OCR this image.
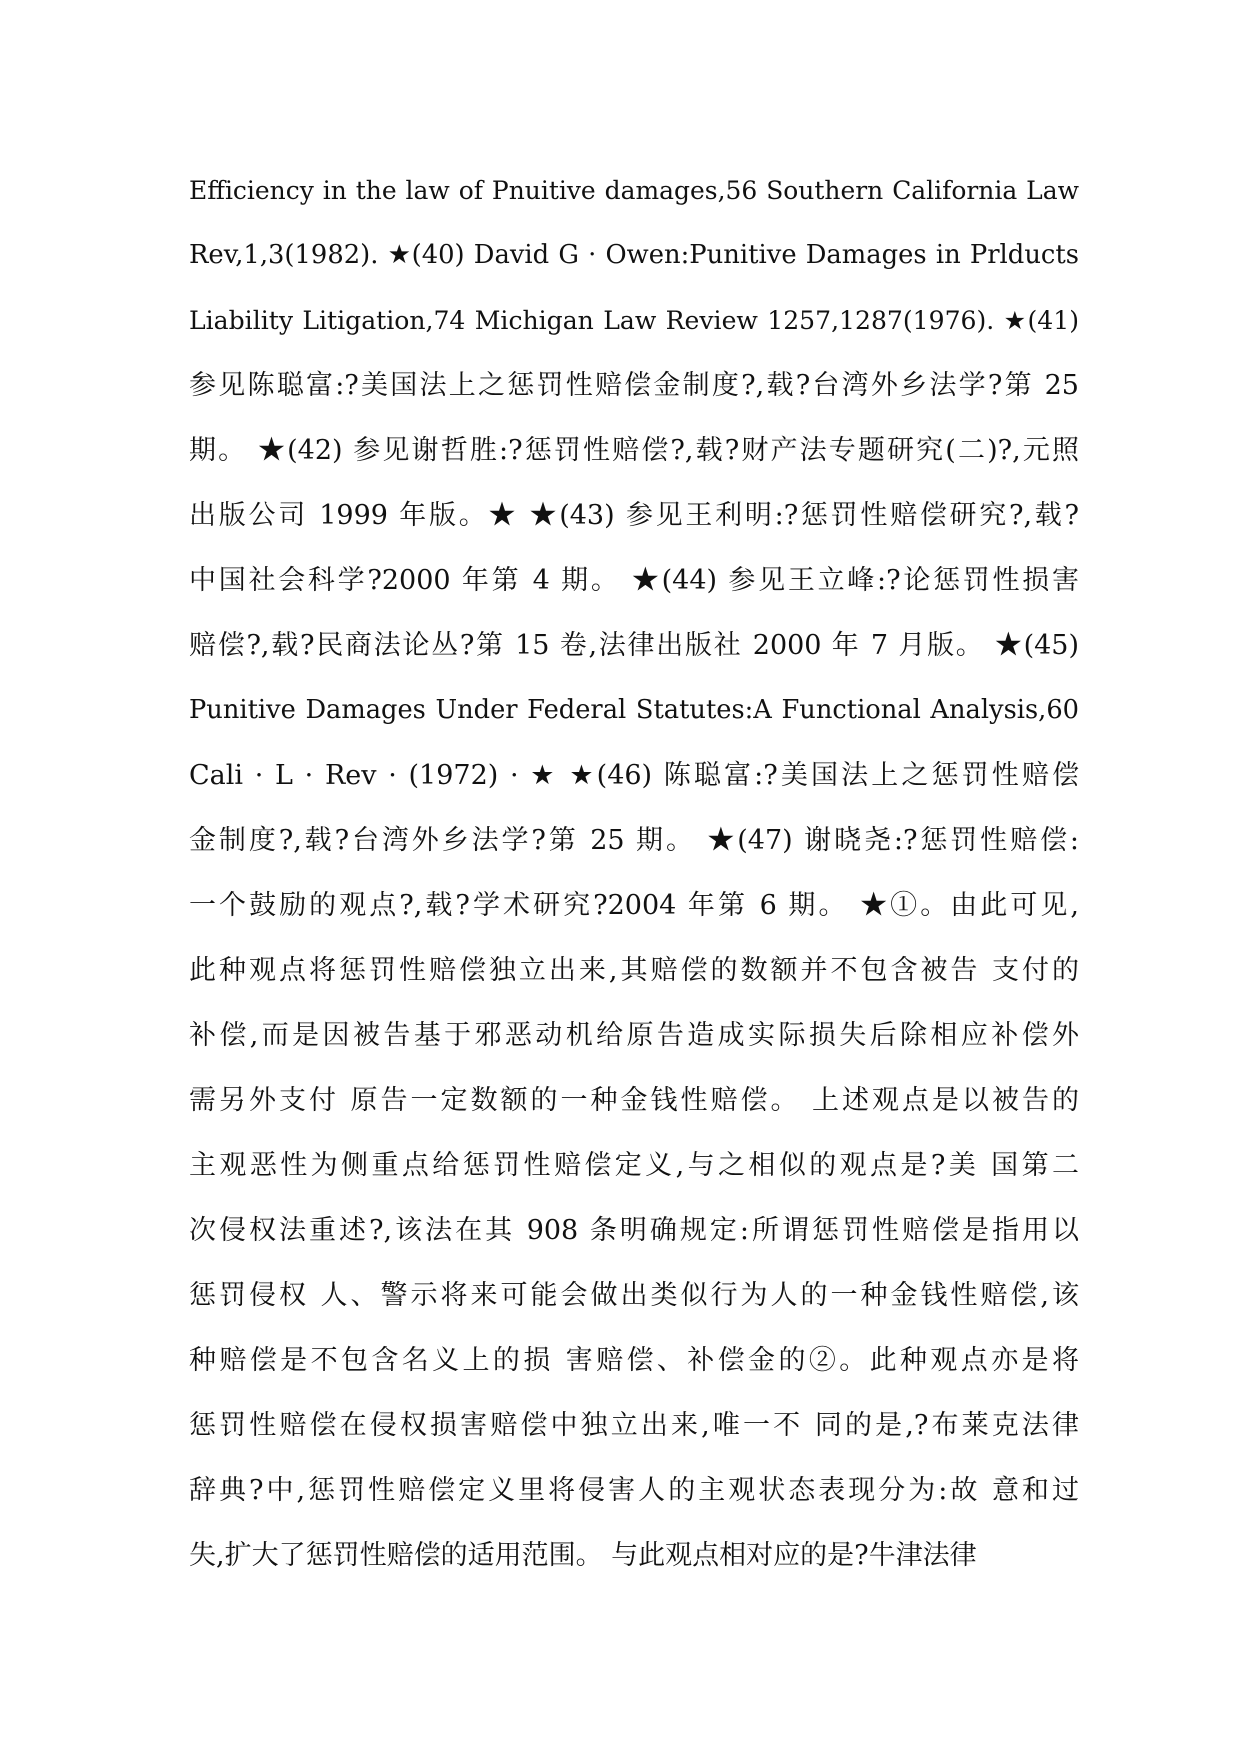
Efficiency in the law of Pnuitive damages,56 Southern California Law
Rev,1,3(1982). ★(40) David G · Owen:Punitive Damages in Prlducts
Liability Litigation,74 Michigan Law Review 1257,1287(1976). ★(41)
参见陈聪富:?美国法上之惩罚性赔偿金制度?,载?台湾外乡法学?第 25
期。 ★(42) 参见谢哲胜:?惩罚性赔偿?,载?财产法专题研究(二)?,元照
出版公司 1999 年版。★ ★(43) 参见王利明:?惩罚性赔偿研究?,载?
中国社会科学?2000 年第 4 期。 ★(44) 参见王立峰:?论惩罚性损害
赔偿?,载?民商法论丛?第 15 卷,法律出版社 2000 年 7 月版。 ★(45)
Punitive Damages Under Federal Statutes:A Functional Analysis,60
Cali · L · Rev · (1972) · ★ ★(46) 陈聪富:?美国法上之惩罚性赔偿
金制度?,载?台湾外乡法学?第 25 期。 ★(47) 谢晓尧:?惩罚性赔偿:
一个鼓励的观点?,载?学术研究?2004 年第 6 期。 ★①。由此可见,
此种观点将惩罚性赔偿独立出来,其赔偿的数额并不包含被告 支付的
补偿,而是因被告基于邪恶动机给原告造成实际损失后除相应补偿外
需另外支付 原告一定数额的一种金钱性赔偿。 上述观点是以被告的
主观恶性为侧重点给惩罚性赔偿定义,与之相似的观点是?美 国第二
次侵权法重述?,该法在其 908 条明确规定:所谓惩罚性赔偿是指用以
惩罚侵权 人、警示将来可能会做出类似行为人的一种金钱性赔偿,该
种赔偿是不包含名义上的损 害赔偿、补偿金的②。此种观点亦是将
惩罚性赔偿在侵权损害赔偿中独立出来,唯一不 同的是,?布莱克法律
辞典?中,惩罚性赔偿定义里将侵害人的主观状态表现分为:故 意和过
失,扩大了惩罚性赔偿的适用范围。 与此观点相对应的是?牛津法律
